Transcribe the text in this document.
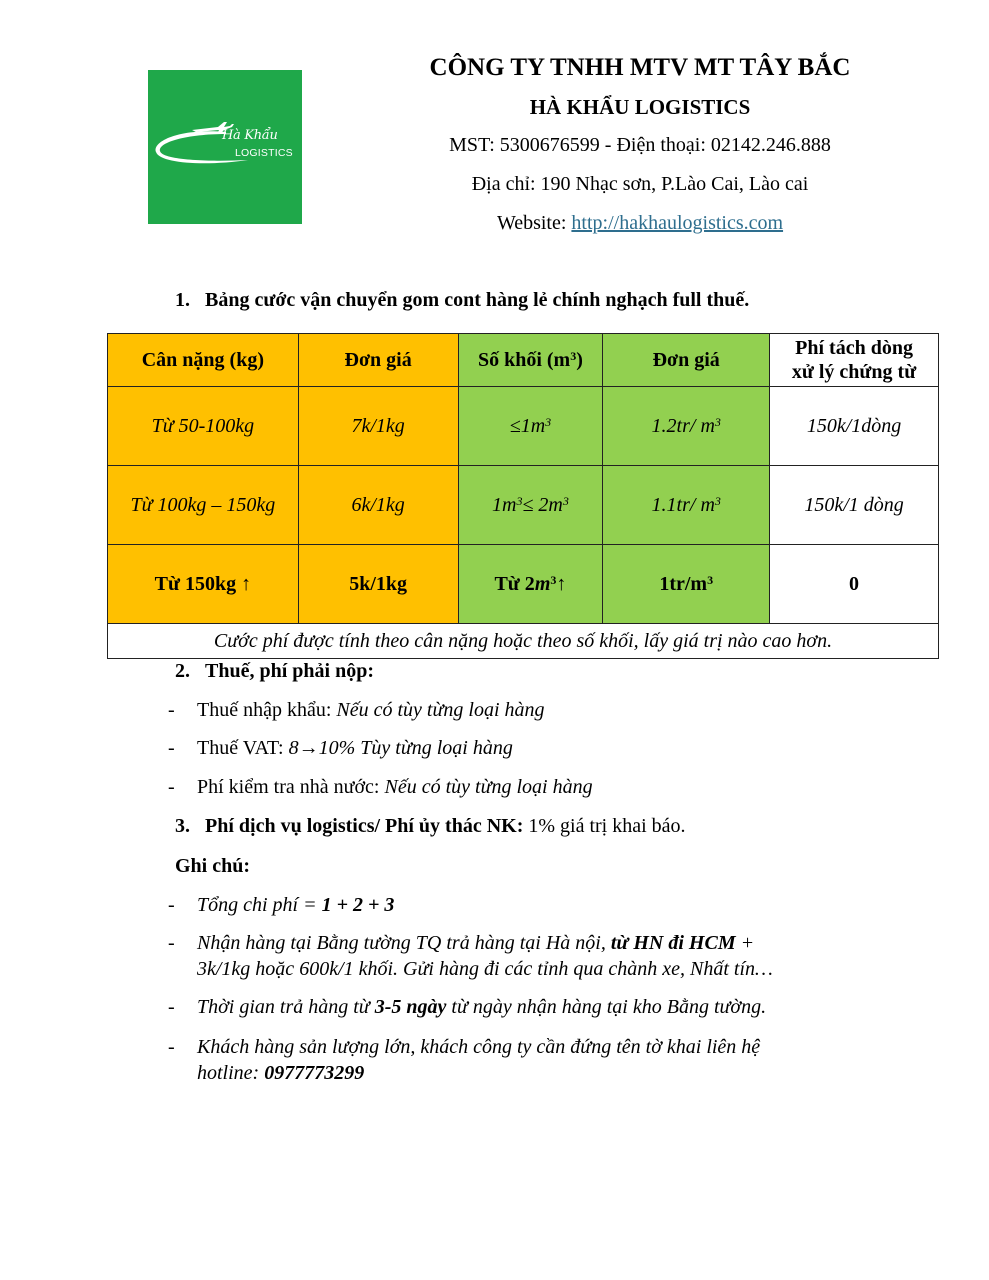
Hà Khẩu
LOGISTICS
CÔNG TY TNHH MTV MT TÂY BẮC
HÀ KHẨU LOGISTICS
MST: 5300676599 - Điện thoại: 02142.246.888
Địa chỉ: 190 Nhạc sơn, P.Lào Cai, Lào cai
Website: http://hakhaulogistics.com
1. Bảng cước vận chuyển gom cont hàng lẻ chính nghạch full thuế.
Cân nặng (kg)	Đơn giá	Số khối $(m^3)$	Đơn giá	Phí tách dòng
xử lý chứng từ
Từ 50-100kg	7k/1kg	$\le 1m^3$	1.2tr/ $m^3$	150k/1dòng
Từ 100kg – 150kg	6k/1kg	$1m^3\le 2m^3$	1.1tr/ $m^3$	150k/1 dòng
Từ 150kg ↑	5k/1kg	Từ $2m^3↑$	$1tr/m^3$	0
Cước phí được tính theo cân nặng hoặc theo số khối, lấy giá trị nào cao hơn.				
2. Thuế, phí phải nộp:
- Thuế nhập khẩu: Nếu có tùy từng loại hàng
- Thuế VAT: 8→10% Tùy từng loại hàng
- Phí kiểm tra nhà nước: Nếu có tùy từng loại hàng
3. Phí dịch vụ logistics/ Phí ủy thác NK: 1% giá trị khai báo.
Ghi chú:
- Tổng chi phí = 1 + 2 + 3
- Nhận hàng tại Bằng tường TQ trả hàng tại Hà nội, từ HN đi HCM +
3k/1kg hoặc 600k/1 khối. Gửi hàng đi các tỉnh qua chành xe, Nhất tín…
- Thời gian trả hàng từ 3-5 ngày từ ngày nhận hàng tại kho Bằng tường.
- Khách hàng sản lượng lớn, khách công ty cần đứng tên tờ khai liên hệ
hotline: 0977773299
